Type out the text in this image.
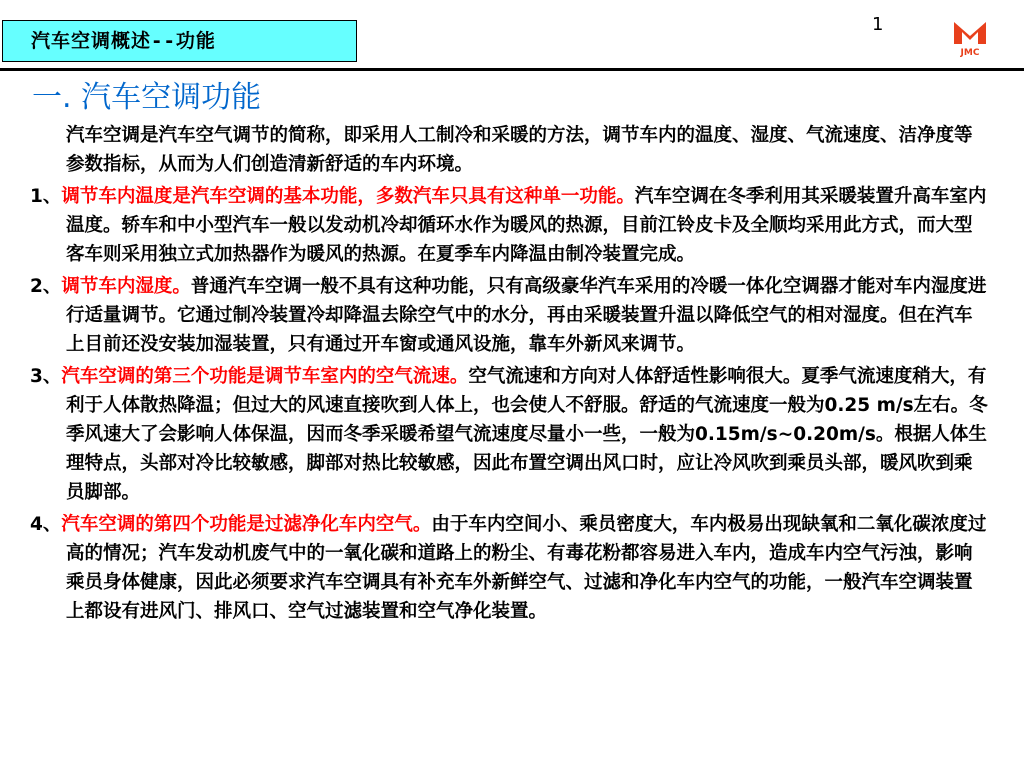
汽车空调概述--功能
1
JMC
一. 汽车空调功能

汽车空调是汽车空气调节的简称，即采用人工制冷和采暖的方法，调节车内的温度、湿度、气流速度、洁净度等参数指标，从而为人们创造清新舒适的车内环境。

1、调节车内温度是汽车空调的基本功能，多数汽车只具有这种单一功能。汽车空调在冬季利用其采暖装置升高车室内温度。轿车和中小型汽车一般以发动机冷却循环水作为暖风的热源，目前江铃皮卡及全顺均采用此方式，而大型客车则采用独立式加热器作为暖风的热源。在夏季车内降温由制冷装置完成。

2、调节车内湿度。普通汽车空调一般不具有这种功能，只有高级豪华汽车采用的冷暖一体化空调器才能对车内湿度进行适量调节。它通过制冷装置冷却降温去除空气中的水分，再由采暖装置升温以降低空气的相对湿度。但在汽车上目前还没安装加湿装置，只有通过开车窗或通风设施，靠车外新风来调节。

3、汽车空调的第三个功能是调节车室内的空气流速。空气流速和方向对人体舒适性影响很大。夏季气流速度稍大，有利于人体散热降温；但过大的风速直接吹到人体上，也会使人不舒服。舒适的气流速度一般为0.25 m/s左右。冬季风速大了会影响人体保温，因而冬季采暖希望气流速度尽量小一些，一般为0.15m/s~0.20m/s。根据人体生理特点，头部对冷比较敏感，脚部对热比较敏感，因此布置空调出风口时，应让冷风吹到乘员头部，暖风吹到乘员脚部。

4、汽车空调的第四个功能是过滤净化车内空气。由于车内空间小、乘员密度大，车内极易出现缺氧和二氧化碳浓度过高的情况；汽车发动机废气中的一氧化碳和道路上的粉尘、有毒花粉都容易进入车内，造成车内空气污浊，影响乘员身体健康，因此必须要求汽车空调具有补充车外新鲜空气、过滤和净化车内空气的功能，一般汽车空调装置上都设有进风门、排风口、空气过滤装置和空气净化装置。
